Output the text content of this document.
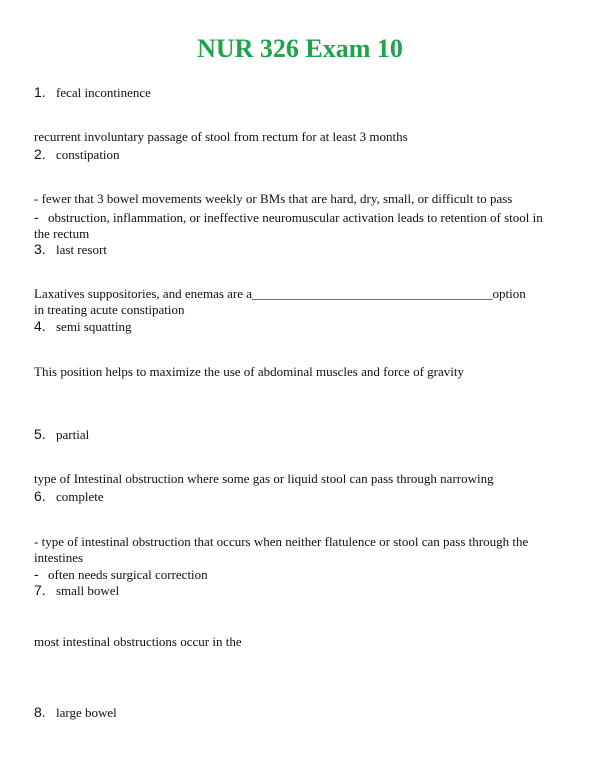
NUR 326 Exam 10
1. fecal incontinence
recurrent involuntary passage of stool from rectum for at least 3 months
2. constipation
- fewer that 3 bowel movements weekly or BMs that are hard, dry, small, or difficult to pass
- obstruction, inflammation, or ineffective neuromuscular activation leads to retention of stool in
the rectum
3. last resort
Laxatives suppositories, and enemas are a_____________________________________option
in treating acute constipation
4. semi squatting
This position helps to maximize the use of abdominal muscles and force of gravity
5. partial
type of Intestinal obstruction where some gas or liquid stool can pass through narrowing
6. complete
- type of intestinal obstruction that occurs when neither flatulence or stool can pass through the
intestines
- often needs surgical correction
7. small bowel
most intestinal obstructions occur in the
8. large bowel
